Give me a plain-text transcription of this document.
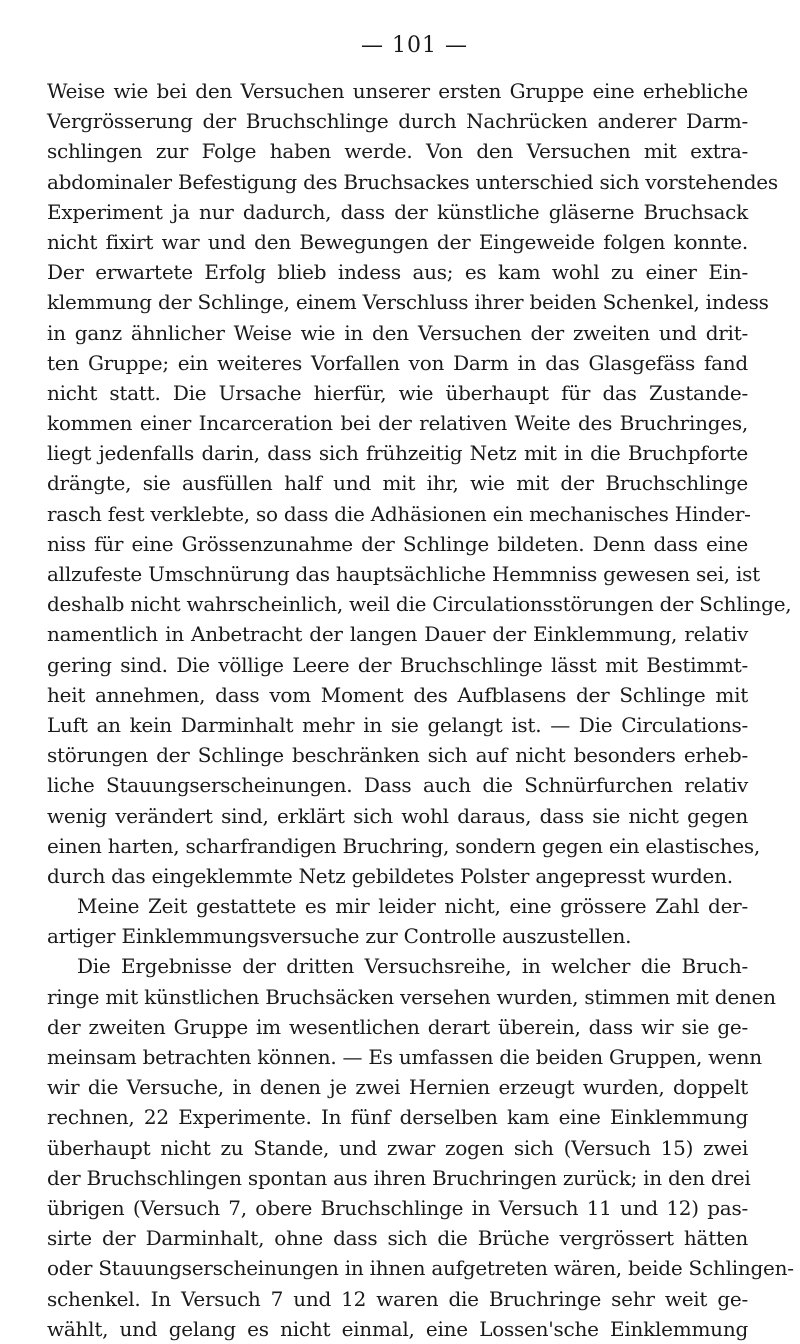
— 101 —
Weise wie bei den Versuchen unserer ersten Gruppe eine erhebliche
Vergrösserung der Bruchschlinge durch Nachrücken anderer Darm-
schlingen zur Folge haben werde. Von den Versuchen mit extra-
abdominaler Befestigung des Bruchsackes unterschied sich vorstehendes
Experiment ja nur dadurch, dass der künstliche gläserne Bruchsack
nicht fixirt war und den Bewegungen der Eingeweide folgen konnte.
Der erwartete Erfolg blieb indess aus; es kam wohl zu einer Ein-
klemmung der Schlinge, einem Verschluss ihrer beiden Schenkel, indess
in ganz ähnlicher Weise wie in den Versuchen der zweiten und drit-
ten Gruppe; ein weiteres Vorfallen von Darm in das Glasgefäss fand
nicht statt. Die Ursache hierfür, wie überhaupt für das Zustande-
kommen einer Incarceration bei der relativen Weite des Bruchringes,
liegt jedenfalls darin, dass sich frühzeitig Netz mit in die Bruchpforte
drängte, sie ausfüllen half und mit ihr, wie mit der Bruchschlinge
rasch fest verklebte, so dass die Adhäsionen ein mechanisches Hinder-
niss für eine Grössenzunahme der Schlinge bildeten. Denn dass eine
allzufeste Umschnürung das hauptsächliche Hemmniss gewesen sei, ist
deshalb nicht wahrscheinlich, weil die Circulationsstörungen der Schlinge,
namentlich in Anbetracht der langen Dauer der Einklemmung, relativ
gering sind. Die völlige Leere der Bruchschlinge lässt mit Bestimmt-
heit annehmen, dass vom Moment des Aufblasens der Schlinge mit
Luft an kein Darminhalt mehr in sie gelangt ist. — Die Circulations-
störungen der Schlinge beschränken sich auf nicht besonders erheb-
liche Stauungserscheinungen. Dass auch die Schnürfurchen relativ
wenig verändert sind, erklärt sich wohl daraus, dass sie nicht gegen
einen harten, scharfrandigen Bruchring, sondern gegen ein elastisches,
durch das eingeklemmte Netz gebildetes Polster angepresst wurden.
Meine Zeit gestattete es mir leider nicht, eine grössere Zahl der-
artiger Einklemmungsversuche zur Controlle auszustellen.
Die Ergebnisse der dritten Versuchsreihe, in welcher die Bruch-
ringe mit künstlichen Bruchsäcken versehen wurden, stimmen mit denen
der zweiten Gruppe im wesentlichen derart überein, dass wir sie ge-
meinsam betrachten können. — Es umfassen die beiden Gruppen, wenn
wir die Versuche, in denen je zwei Hernien erzeugt wurden, doppelt
rechnen, 22 Experimente. In fünf derselben kam eine Einklemmung
überhaupt nicht zu Stande, und zwar zogen sich (Versuch 15) zwei
der Bruchschlingen spontan aus ihren Bruchringen zurück; in den drei
übrigen (Versuch 7, obere Bruchschlinge in Versuch 11 und 12) pas-
sirte der Darminhalt, ohne dass sich die Brüche vergrössert hätten
oder Stauungserscheinungen in ihnen aufgetreten wären, beide Schlingen-
schenkel. In Versuch 7 und 12 waren die Bruchringe sehr weit ge-
wählt, und gelang es nicht einmal, eine Lossen'sche Einklemmung
